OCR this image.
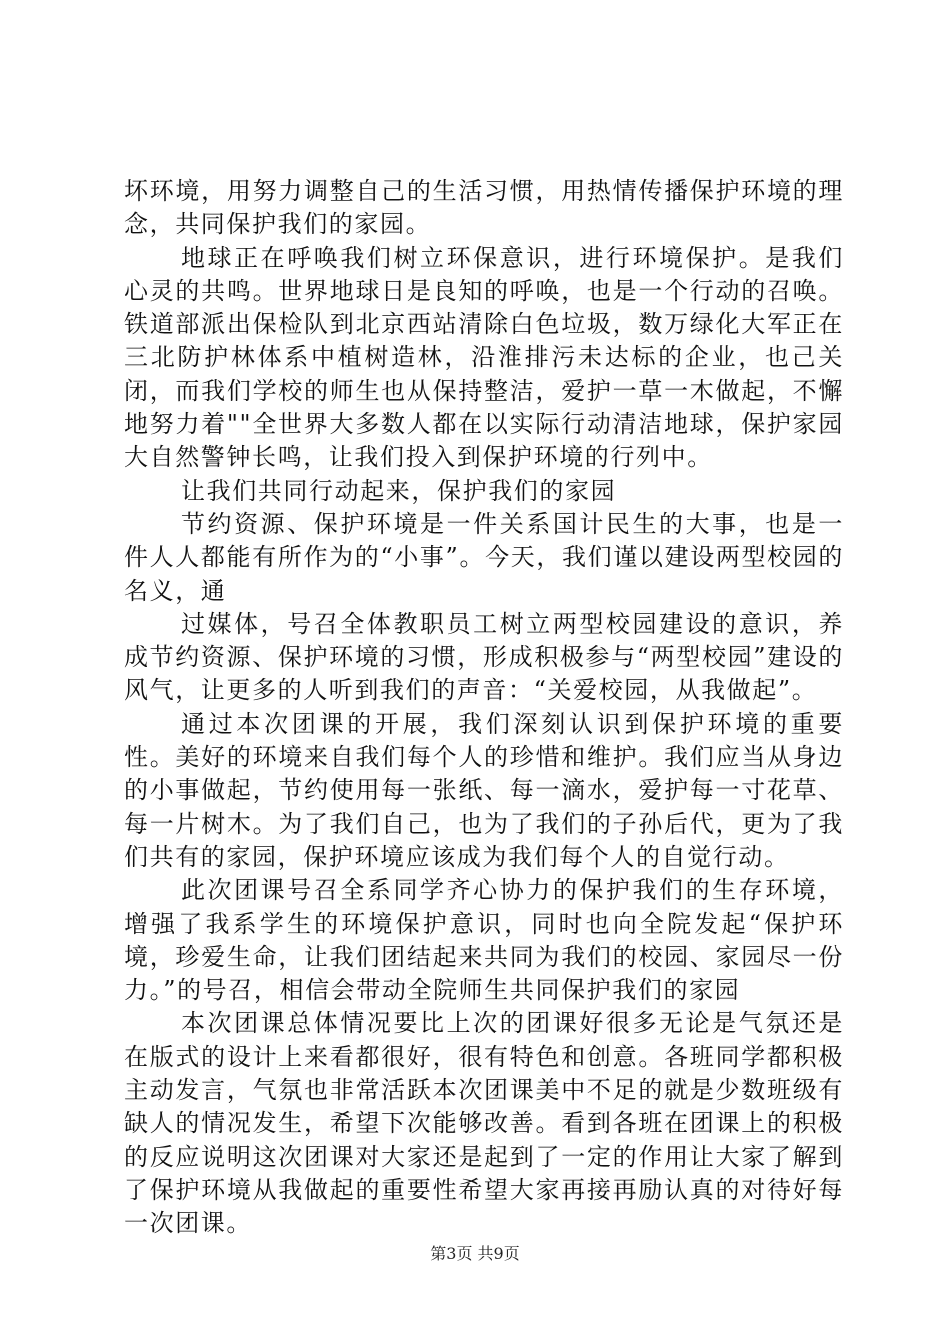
坏环境，用努力调整自己的生活习惯，用热情传播保护环境的理念，共同保护我们的家园。

地球正在呼唤我们树立环保意识，进行环境保护。是我们心灵的共鸣。世界地球日是良知的呼唤，也是一个行动的召唤。铁道部派出保检队到北京西站清除白色垃圾，数万绿化大军正在三北防护林体系中植树造林，沿淮排污未达标的企业，也己关闭，而我们学校的师生也从保持整洁，爱护一草一木做起，不懈地努力着""全世界大多数人都在以实际行动清洁地球，保护家园大自然警钟长鸣，让我们投入到保护环境的行列中。

让我们共同行动起来，保护我们的家园

节约资源、保护环境是一件关系国计民生的大事，也是一件人人都能有所作为的“小事”。今天，我们谨以建设两型校园的名义，通

过媒体，号召全体教职员工树立两型校园建设的意识，养成节约资源、保护环境的习惯，形成积极参与“两型校园”建设的风气，让更多的人听到我们的声音：“关爱校园，从我做起”。

通过本次团课的开展，我们深刻认识到保护环境的重要性。美好的环境来自我们每个人的珍惜和维护。我们应当从身边的小事做起，节约使用每一张纸、每一滴水，爱护每一寸花草、每一片树木。为了我们自己，也为了我们的子孙后代，更为了我们共有的家园，保护环境应该成为我们每个人的自觉行动。

此次团课号召全系同学齐心协力的保护我们的生存环境，增强了我系学生的环境保护意识，同时也向全院发起“保护环境，珍爱生命，让我们团结起来共同为我们的校园、家园尽一份力。”的号召，相信会带动全院师生共同保护我们的家园

本次团课总体情况要比上次的团课好很多无论是气氛还是在版式的设计上来看都很好，很有特色和创意。各班同学都积极主动发言，气氛也非常活跃本次团课美中不足的就是少数班级有缺人的情况发生，希望下次能够改善。看到各班在团课上的积极的反应说明这次团课对大家还是起到了一定的作用让大家了解到了保护环境从我做起的重要性希望大家再接再励认真的对待好每一次团课。

第3页 共9页
